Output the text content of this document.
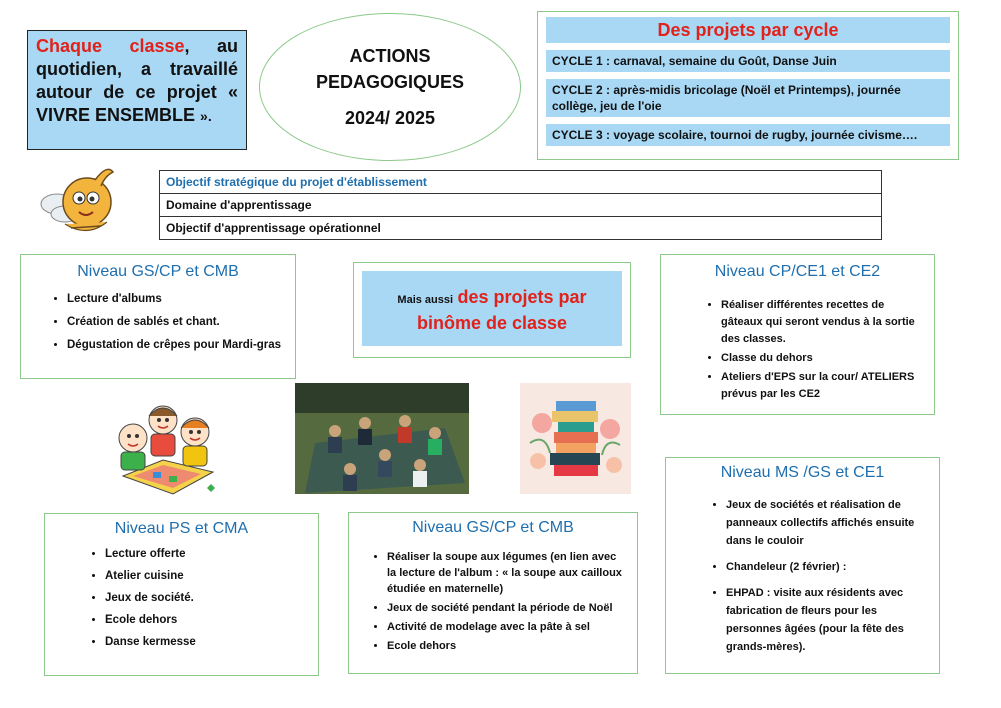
Chaque classe, au quotidien, a travaillé autour de ce projet « VIVRE ENSEMBLE ».
ACTIONS
PEDAGOGIQUES
2024/ 2025
Des projets par cycle
CYCLE 1 : carnaval, semaine du Goût, Danse Juin
CYCLE 2 : après-midis bricolage (Noël et Printemps), journée collège, jeu de l'oie
CYCLE 3 : voyage scolaire, tournoi de rugby, journée civisme….
Objectif stratégique du projet d'établissement
Domaine d'apprentissage
Objectif d'apprentissage opérationnel
Niveau GS/CP et CMB
• Lecture d'albums
• Création de sablés et chant.
• Dégustation de crêpes pour Mardi-gras
Mais aussi des projets par
binôme de classe
Niveau CP/CE1 et CE2
• Réaliser différentes recettes de gâteaux qui seront vendus à la sortie des classes.
• Classe du dehors
• Ateliers d'EPS sur la cour/ ATELIERS prévus par les CE2
Niveau PS et CMA
• Lecture offerte
• Atelier cuisine
• Jeux de société.
• Ecole dehors
• Danse kermesse
Niveau GS/CP et CMB
• Réaliser la soupe aux légumes (en lien avec la lecture de l'album : « la soupe aux cailloux étudiée en maternelle)
• Jeux de société pendant la période de Noël
• Activité de modelage avec la pâte à sel
• Ecole dehors
Niveau MS /GS et CE1
• Jeux de sociétés et réalisation de panneaux collectifs affichés ensuite dans le couloir
• Chandeleur (2 février) :
• EHPAD : visite aux résidents avec fabrication de fleurs pour les personnes âgées (pour la fête des grands-mères).
